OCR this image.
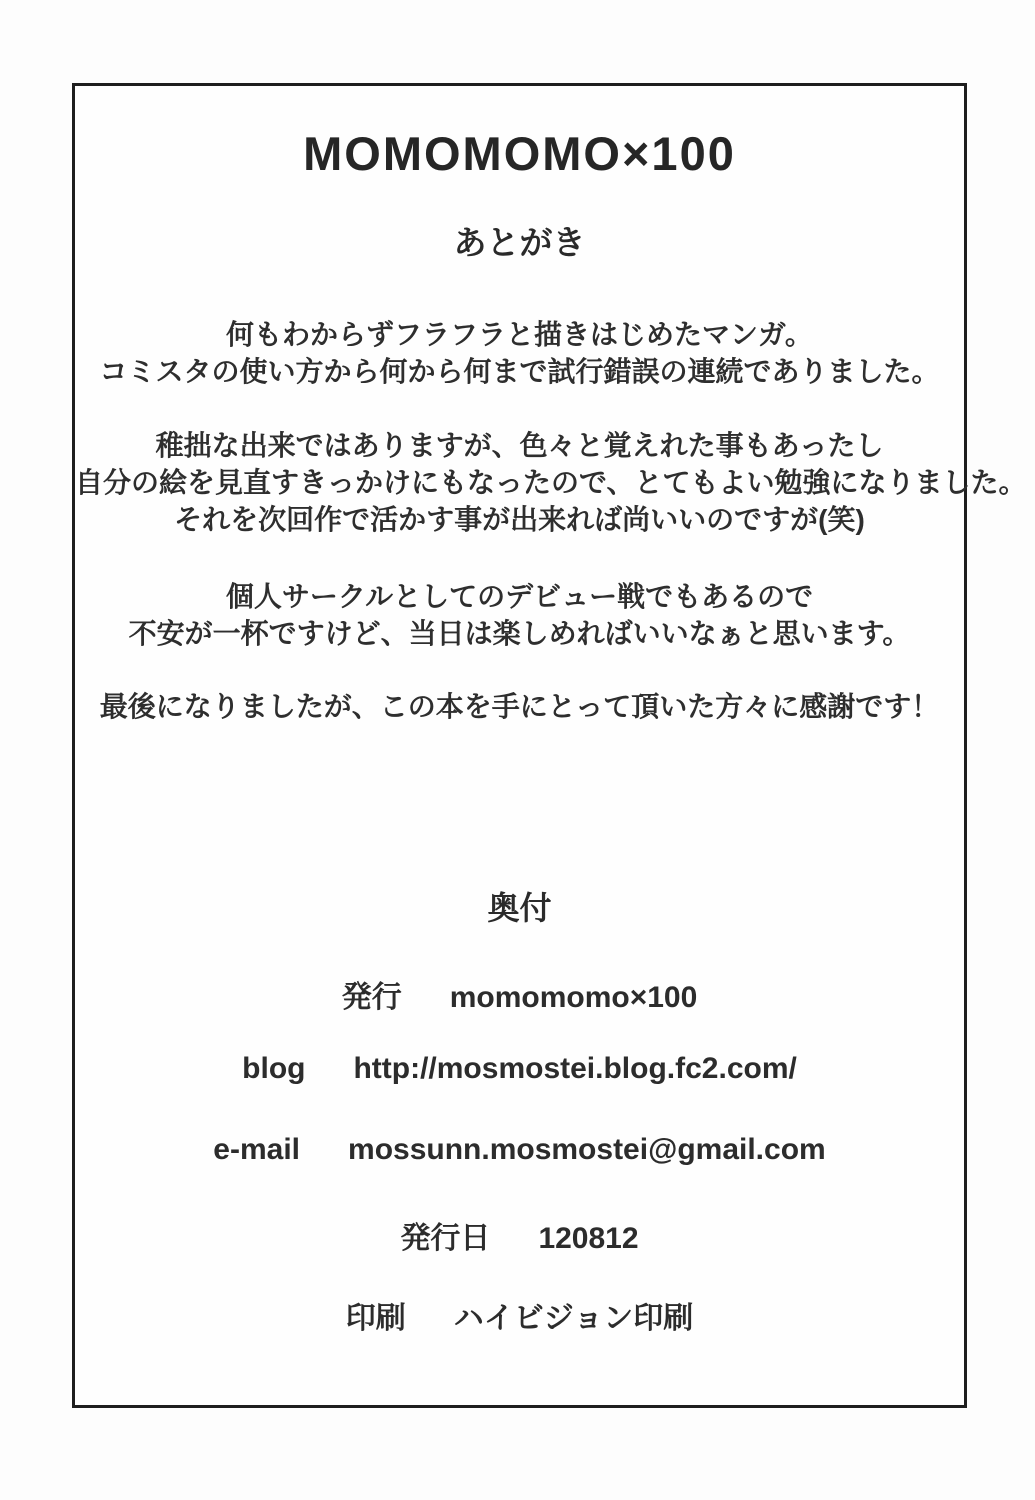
MOMOMOMO×100
あとがき
何もわからずフラフラと描きはじめたマンガ。
コミスタの使い方から何から何まで試行錯誤の連続でありました。
稚拙な出来ではありますが、色々と覚えれた事もあったし
自分の絵を見直すきっかけにもなったので、とてもよい勉強になりました。
それを次回作で活かす事が出来れば尚いいのですが(笑)
個人サークルとしてのデビュー戦でもあるので
不安が一杯ですけど、当日は楽しめればいいなぁと思います。
最後になりましたが、この本を手にとって頂いた方々に感謝です！
奥付
発行 momomomo×100
blog http://mosmostei.blog.fc2.com/
e-mail mossunn.mosmostei@gmail.com
発行日 120812
印刷 ハイビジョン印刷
